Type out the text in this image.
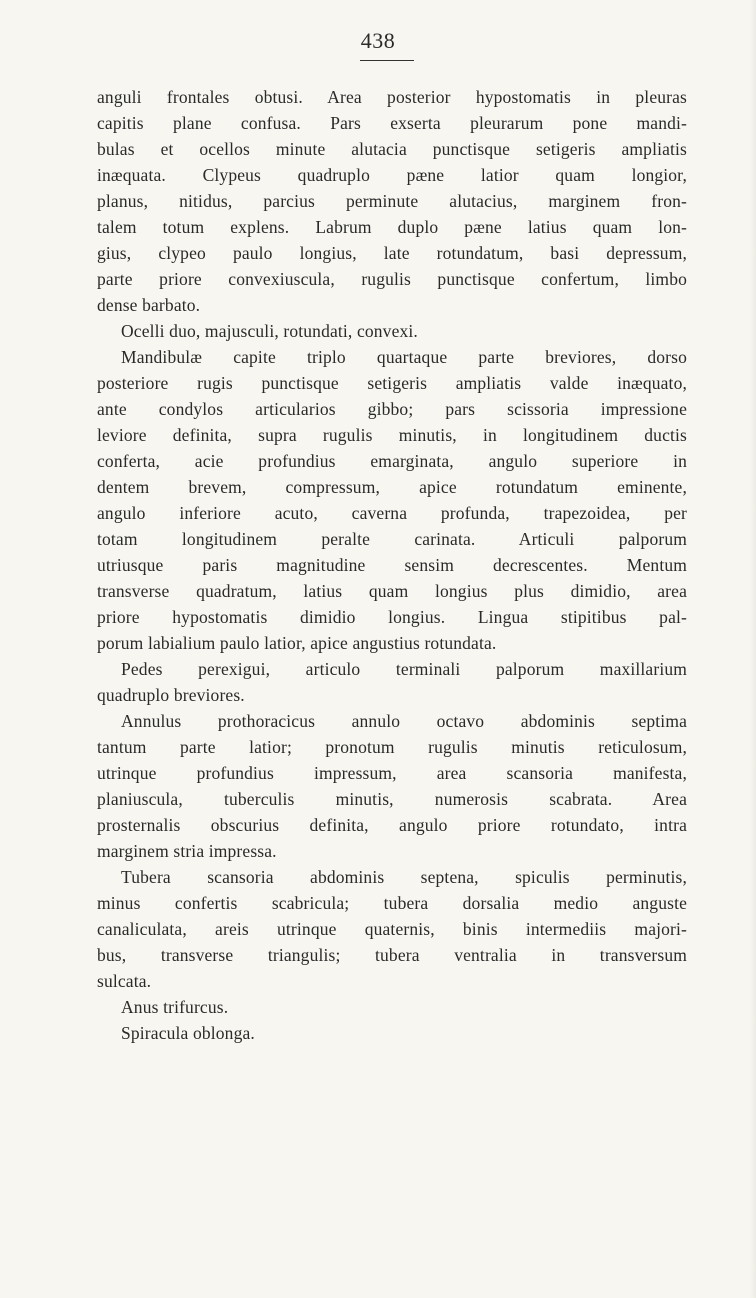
438
anguli frontales obtusi. Area posterior hypostomatis in pleuras
capitis plane confusa. Pars exserta pleurarum pone mandi-
bulas et ocellos minute alutacia punctisque setigeris ampliatis
inæquata. Clypeus quadruplo pæne latior quam longior,
planus, nitidus, parcius perminute alutacius, marginem fron-
talem totum explens. Labrum duplo pæne latius quam lon-
gius, clypeo paulo longius, late rotundatum, basi depressum,
parte priore convexiuscula, rugulis punctisque confertum, limbo
dense barbato.
Ocelli duo, majusculi, rotundati, convexi.
Mandibulæ capite triplo quartaque parte breviores, dorso
posteriore rugis punctisque setigeris ampliatis valde inæquato,
ante condylos articularios gibbo; pars scissoria impressione
leviore definita, supra rugulis minutis, in longitudinem ductis
conferta, acie profundius emarginata, angulo superiore in
dentem brevem, compressum, apice rotundatum eminente,
angulo inferiore acuto, caverna profunda, trapezoidea, per
totam longitudinem peralte carinata. Articuli palporum
utriusque paris magnitudine sensim decrescentes. Mentum
transverse quadratum, latius quam longius plus dimidio, area
priore hypostomatis dimidio longius. Lingua stipitibus pal-
porum labialium paulo latior, apice angustius rotundata.
Pedes perexigui, articulo terminali palporum maxillarium
quadruplo breviores.
Annulus prothoracicus annulo octavo abdominis septima
tantum parte latior; pronotum rugulis minutis reticulosum,
utrinque profundius impressum, area scansoria manifesta,
planiuscula, tuberculis minutis, numerosis scabrata. Area
prosternalis obscurius definita, angulo priore rotundato, intra
marginem stria impressa.
Tubera scansoria abdominis septena, spiculis perminutis,
minus confertis scabricula; tubera dorsalia medio anguste
canaliculata, areis utrinque quaternis, binis intermediis majori-
bus, transverse triangulis; tubera ventralia in transversum
sulcata.
Anus trifurcus.
Spiracula oblonga.
